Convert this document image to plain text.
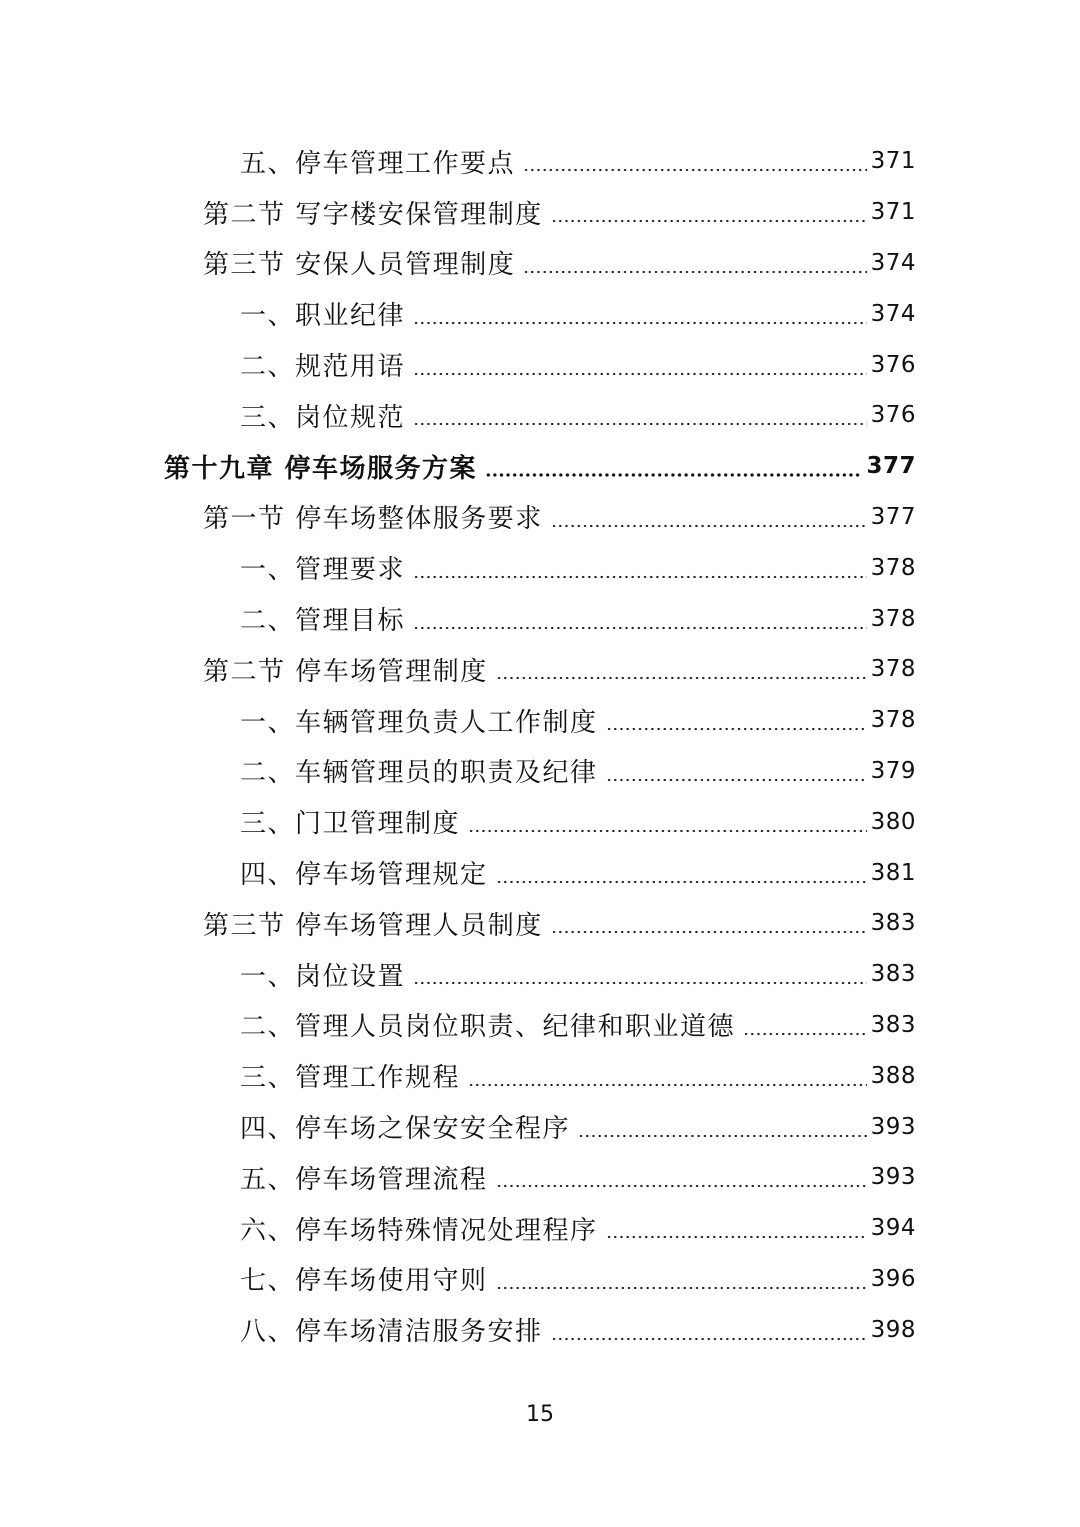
五、停车管理工作要点	371
第二节 写字楼安保管理制度	371
第三节 安保人员管理制度	374
一、职业纪律	374
二、规范用语	376
三、岗位规范	376
第十九章 停车场服务方案	377
第一节 停车场整体服务要求	377
一、管理要求	378
二、管理目标	378
第二节 停车场管理制度	378
一、车辆管理负责人工作制度	378
二、车辆管理员的职责及纪律	379
三、门卫管理制度	380
四、停车场管理规定	381
第三节 停车场管理人员制度	383
一、岗位设置	383
二、管理人员岗位职责、纪律和职业道德	383
三、管理工作规程	388
四、停车场之保安安全程序	393
五、停车场管理流程	393
六、停车场特殊情况处理程序	394
七、停车场使用守则	396
八、停车场清洁服务安排	398
15
